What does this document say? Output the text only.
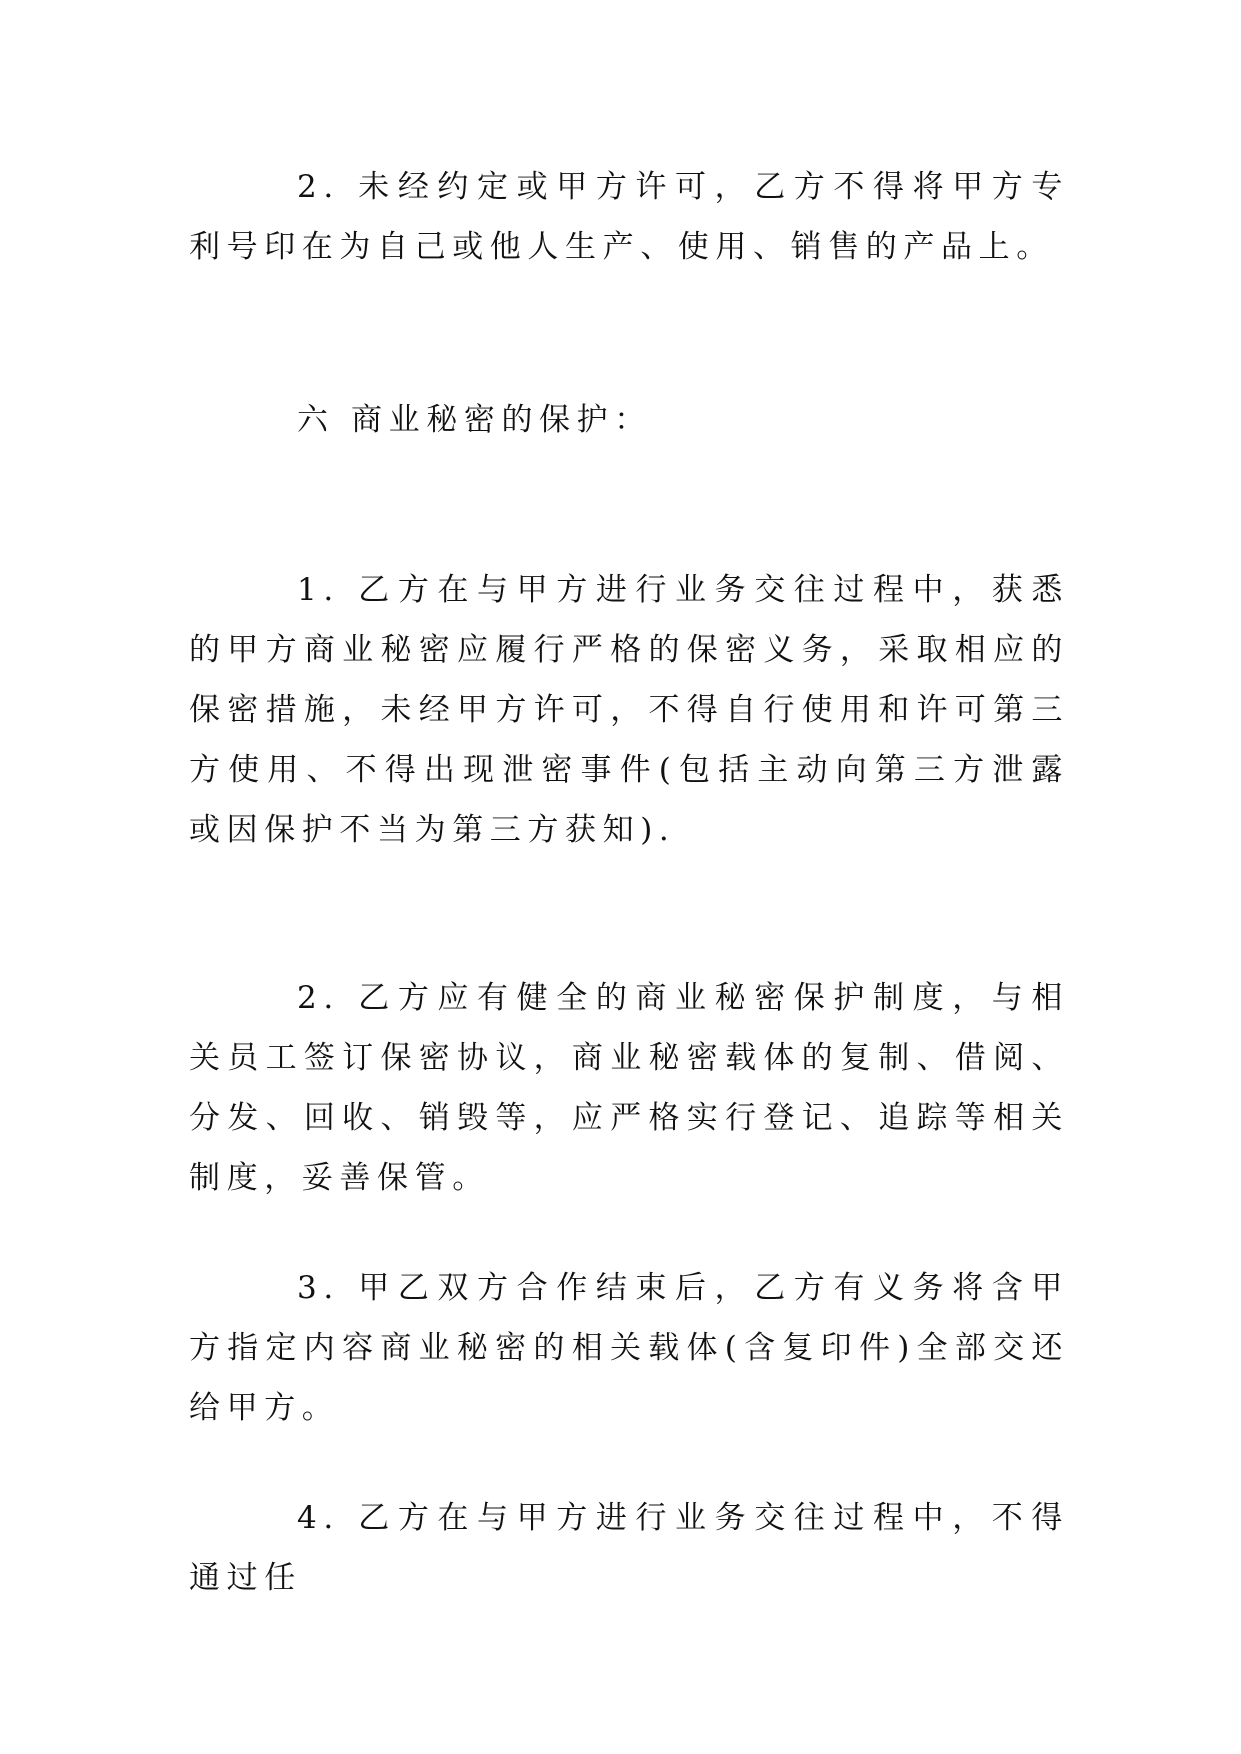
2. 未经约定或甲方许可，乙方不得将甲方专利号印在为自己或他人生产、使用、销售的产品上。

六 商业秘密的保护：

1. 乙方在与甲方进行业务交往过程中，获悉的甲方商业秘密应履行严格的保密义务，采取相应的保密措施，未经甲方许可，不得自行使用和许可第三方使用、不得出现泄密事件(包括主动向第三方泄露或因保护不当为第三方获知).

2. 乙方应有健全的商业秘密保护制度，与相关员工签订保密协议，商业秘密载体的复制、借阅、分发、回收、销毁等，应严格实行登记、追踪等相关制度，妥善保管。

3. 甲乙双方合作结束后，乙方有义务将含甲方指定内容商业秘密的相关载体(含复印件)全部交还给甲方。

4. 乙方在与甲方进行业务交往过程中，不得通过任
